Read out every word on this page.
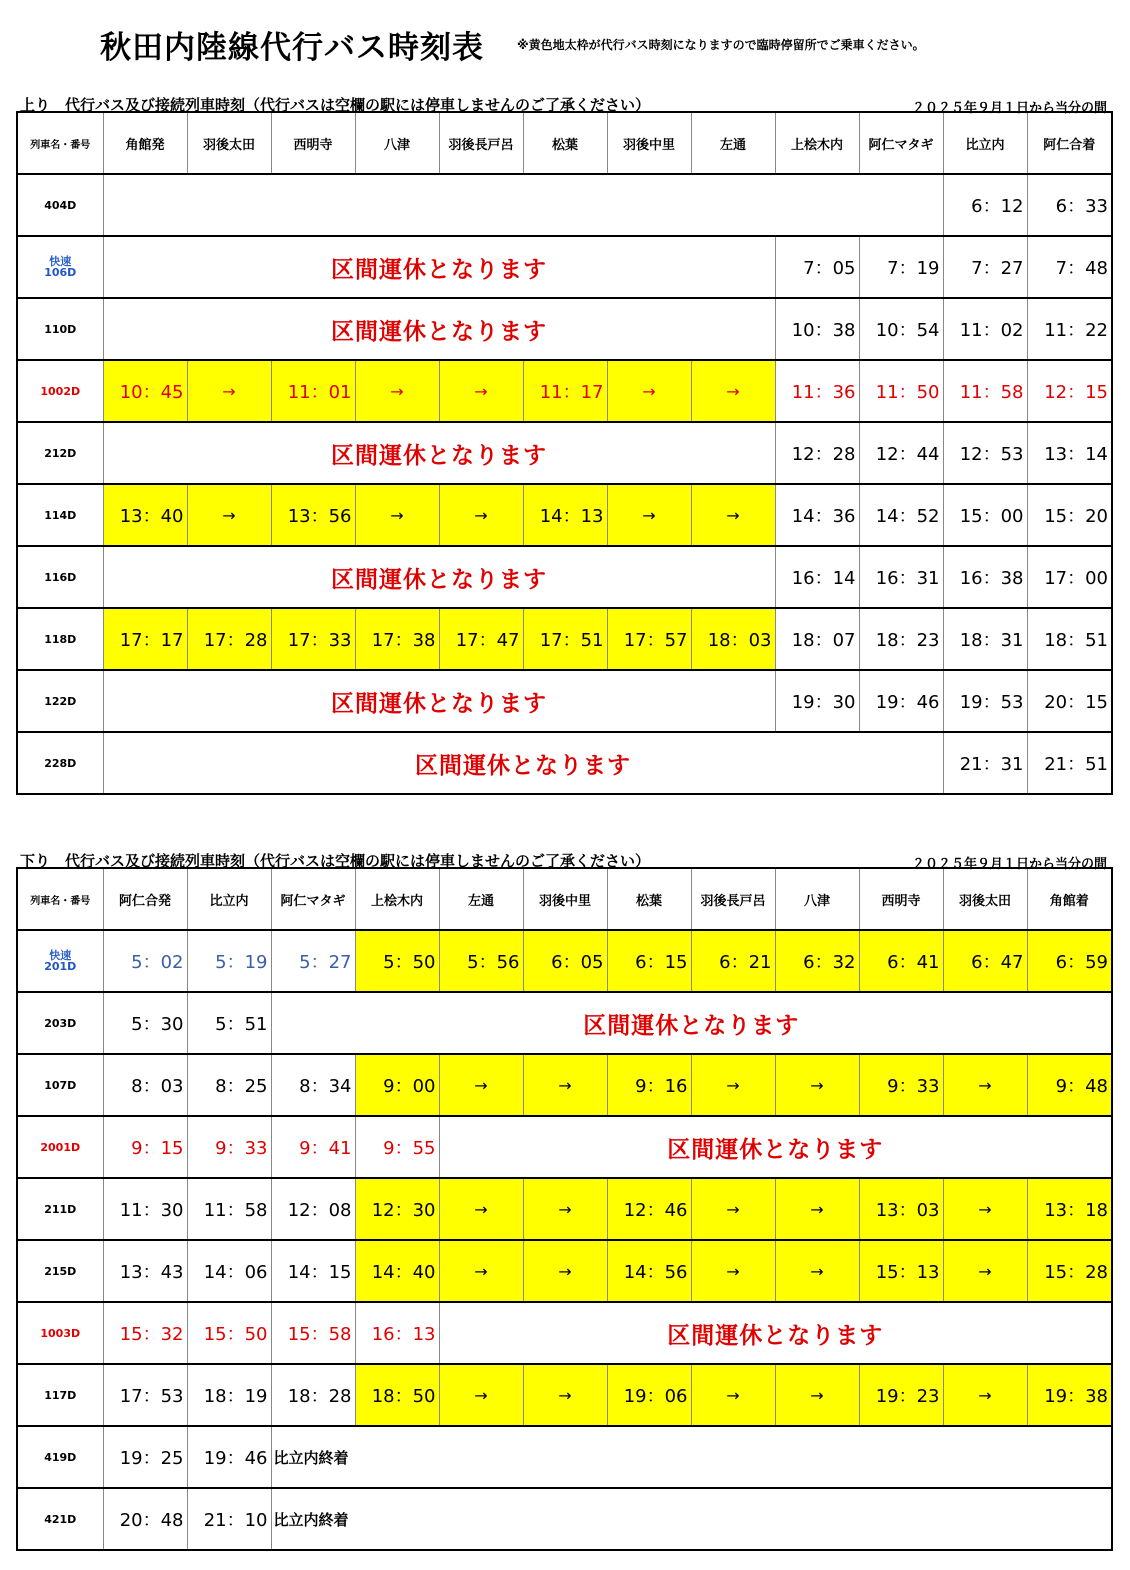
秋田内陸線代行バス時刻表	※黄色地太枠が代行バス時刻になりますので臨時停留所でご乗車ください。
上り　代行バス及び接続列車時刻（代行バスは空欄の駅には停車しませんのご了承ください）	２０２５年９月１日から当分の間
列車名・番号	角館発	羽後太田	西明寺	八津	羽後長戸呂	松葉	羽後中里	左通	上桧木内	阿仁マタギ	比立内	阿仁合着
404D											6：12	6：33
快速
106D	区間運休となります								7：05	7：19	7：27	7：48
110D	区間運休となります								10：38	10：54	11：02	11：22
1002D	10：45	→	11：01	→	→	11：17	→	→	11：36	11：50	11：58	12：15
212D	区間運休となります								12：28	12：44	12：53	13：14
114D	13：40	→	13：56	→	→	14：13	→	→	14：36	14：52	15：00	15：20
116D	区間運休となります								16：14	16：31	16：38	17：00
118D	17：17	17：28	17：33	17：38	17：47	17：51	17：57	18：03	18：07	18：23	18：31	18：51
122D	区間運休となります								19：30	19：46	19：53	20：15
228D	区間運休となります										21：31	21：51
下り　代行バス及び接続列車時刻（代行バスは空欄の駅には停車しませんのご了承ください）	２０２５年９月１日から当分の間
列車名・番号	阿仁合発	比立内	阿仁マタギ	上桧木内	左通	羽後中里	松葉	羽後長戸呂	八津	西明寺	羽後太田	角館着
快速
201D	5：02	5：19	5：27	5：50	5：56	6：05	6：15	6：21	6：32	6：41	6：47	6：59
203D	5：30	5：51	区間運休となります									
107D	8：03	8：25	8：34	9：00	→	→	9：16	→	→	9：33	→	9：48
2001D	9：15	9：33	9：41	9：55	区間運休となります							
211D	11：30	11：58	12：08	12：30	→	→	12：46	→	→	13：03	→	13：18
215D	13：43	14：06	14：15	14：40	→	→	14：56	→	→	15：13	→	15：28
1003D	15：32	15：50	15：58	16：13	区間運休となります							
117D	17：53	18：19	18：28	18：50	→	→	19：06	→	→	19：23	→	19：38
419D	19：25	19：46	比立内終着									
421D	20：48	21：10	比立内終着									
